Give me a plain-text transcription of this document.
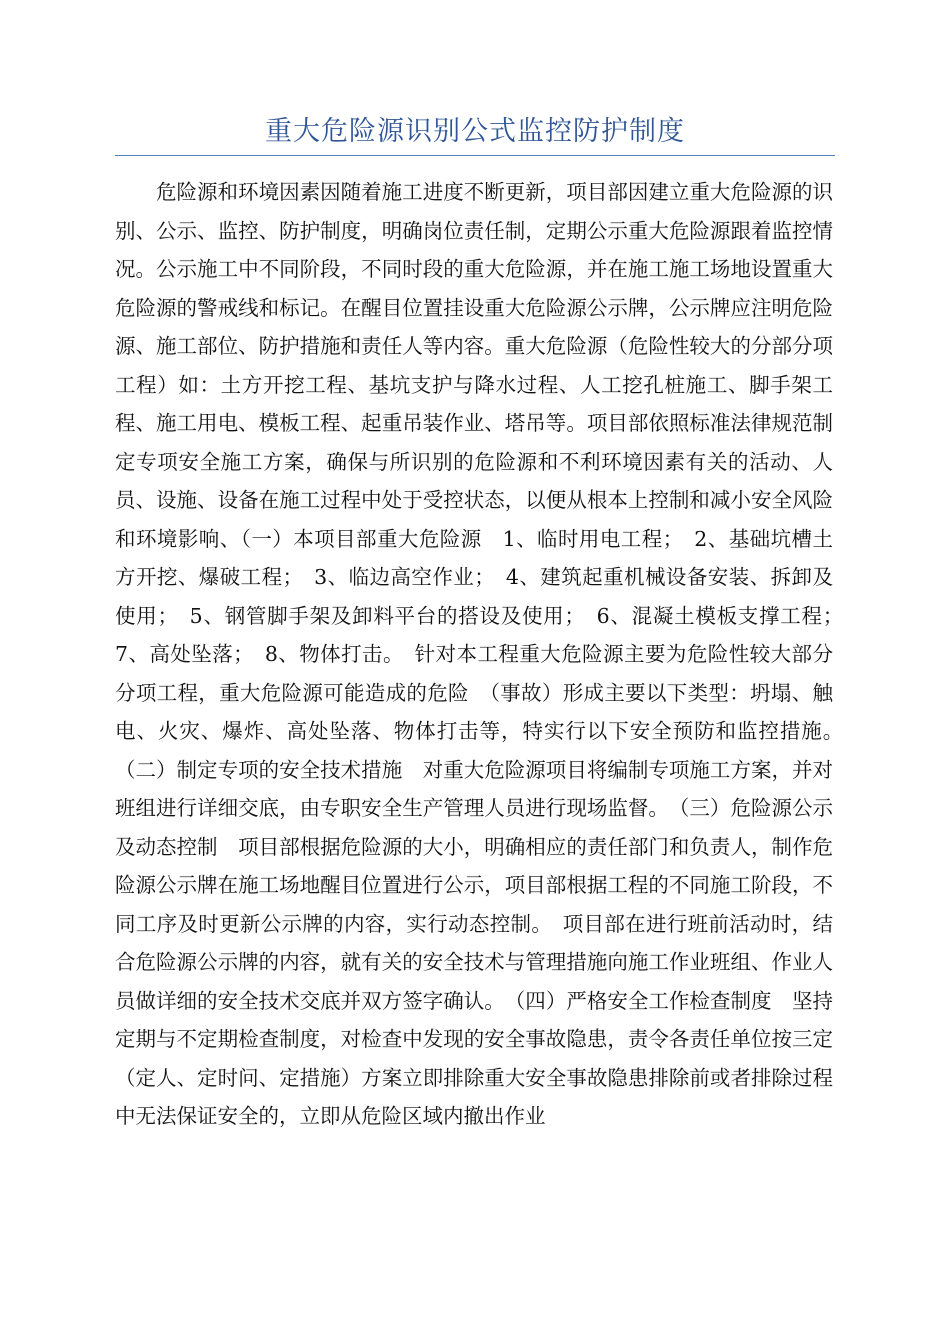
重大危险源识别公式监控防护制度

危险源和环境因素因随着施工进度不断更新，项目部因建立重大危险源的识别、公示、监控、防护制度，明确岗位责任制，定期公示重大危险源跟着监控情况。公示施工中不同阶段，不同时段的重大危险源，并在施工施工场地设置重大危险源的警戒线和标记。在醒目位置挂设重大危险源公示牌，公示牌应注明危险源、施工部位、防护措施和责任人等内容。重大危险源（危险性较大的分部分项工程）如：土方开挖工程、基坑支护与降水过程、人工挖孔桩施工、脚手架工程、施工用电、模板工程、起重吊装作业、塔吊等。项目部依照标准法律规范制定专项安全施工方案，确保与所识别的危险源和不利环境因素有关的活动、人员、设施、设备在施工过程中处于受控状态，以便从根本上控制和减小安全风险和环境影响、（一）本项目部重大危险源　1、临时用电工程；　2、基础坑槽土方开挖、爆破工程；　3、临边高空作业；　4、建筑起重机械设备安装、拆卸及使用；　5、钢管脚手架及卸料平台的搭设及使用；　6、混凝土模板支撑工程；　7、高处坠落；　8、物体打击。　针对本工程重大危险源主要为危险性较大部分分项工程，重大危险源可能造成的危险　（事故）形成主要以下类型：坍塌、触电、火灾、爆炸、高处坠落、物体打击等，特实行以下安全预防和监控措施。　（二）制定专项的安全技术措施　对重大危险源项目将编制专项施工方案，并对班组进行详细交底，由专职安全生产管理人员进行现场监督。　（三）危险源公示及动态控制　项目部根据危险源的大小，明确相应的责任部门和负责人，制作危险源公示牌在施工场地醒目位置进行公示，项目部根据工程的不同施工阶段，不同工序及时更新公示牌的内容，实行动态控制。　项目部在进行班前活动时，结合危险源公示牌的内容，就有关的安全技术与管理措施向施工作业班组、作业人员做详细的安全技术交底并双方签字确认。　（四）严格安全工作检查制度　坚持定期与不定期检查制度，对检查中发现的安全事故隐患，责令各责任单位按三定（定人、定时问、定措施）方案立即排除重大安全事故隐患排除前或者排除过程中无法保证安全的，立即从危险区域内撤出作业
